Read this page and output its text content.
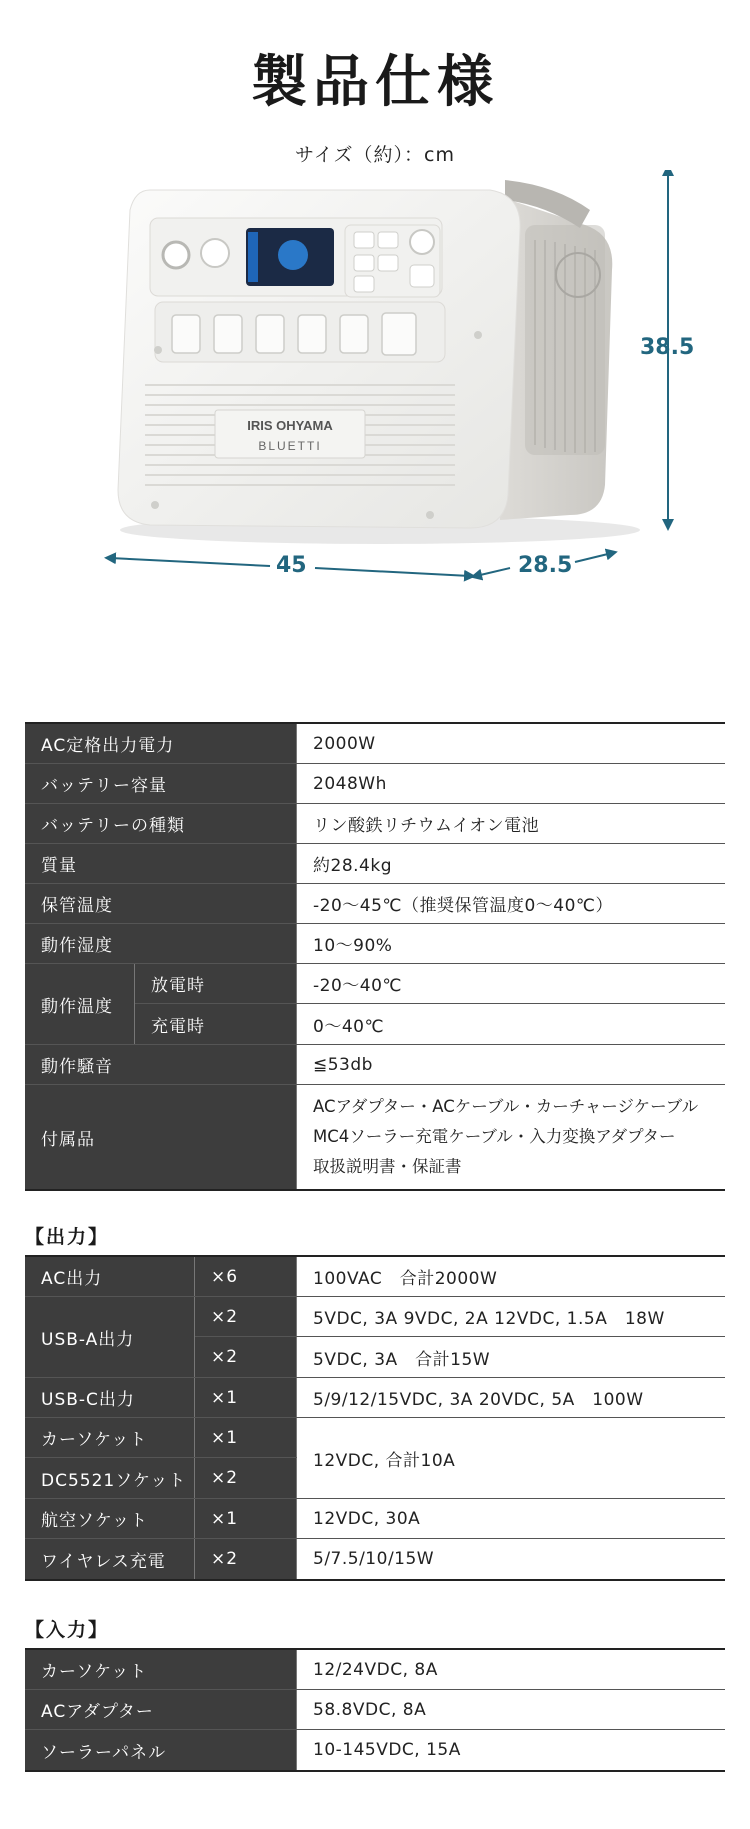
製品仕様
サイズ（約）：cm
IRIS OHYAMA
BLUETTI
38.5
45	28.5
AC定格出力電力	2000W
バッテリー容量	2048Wh
バッテリーの種類	リン酸鉄リチウムイオン電池
質量	約28.4kg
保管温度	-20〜45℃（推奨保管温度0〜40℃）
動作湿度	10〜90%
動作温度
放電時	-20〜40℃
充電時	0〜40℃
動作騒音	≦53db
付属品
ACアダプター・ACケーブル・カーチャージケーブル
MC4ソーラー充電ケーブル・入力変換アダプター
取扱説明書・保証書
【出力】
AC出力	×6	100VAC　合計2000W
USB-A出力
×2	5VDC, 3A 9VDC, 2A 12VDC, 1.5A　18W
×2	5VDC, 3A　合計15W
USB-C出力	×1	5/9/12/15VDC, 3A 20VDC, 5A　100W
カーソケット	×1
DC5521ソケット	×2
12VDC, 合計10A
航空ソケット	×1	12VDC, 30A
ワイヤレス充電	×2	5/7.5/10/15W
【入力】
カーソケット	12/24VDC, 8A
ACアダプター	58.8VDC, 8A
ソーラーパネル	10-145VDC, 15A
